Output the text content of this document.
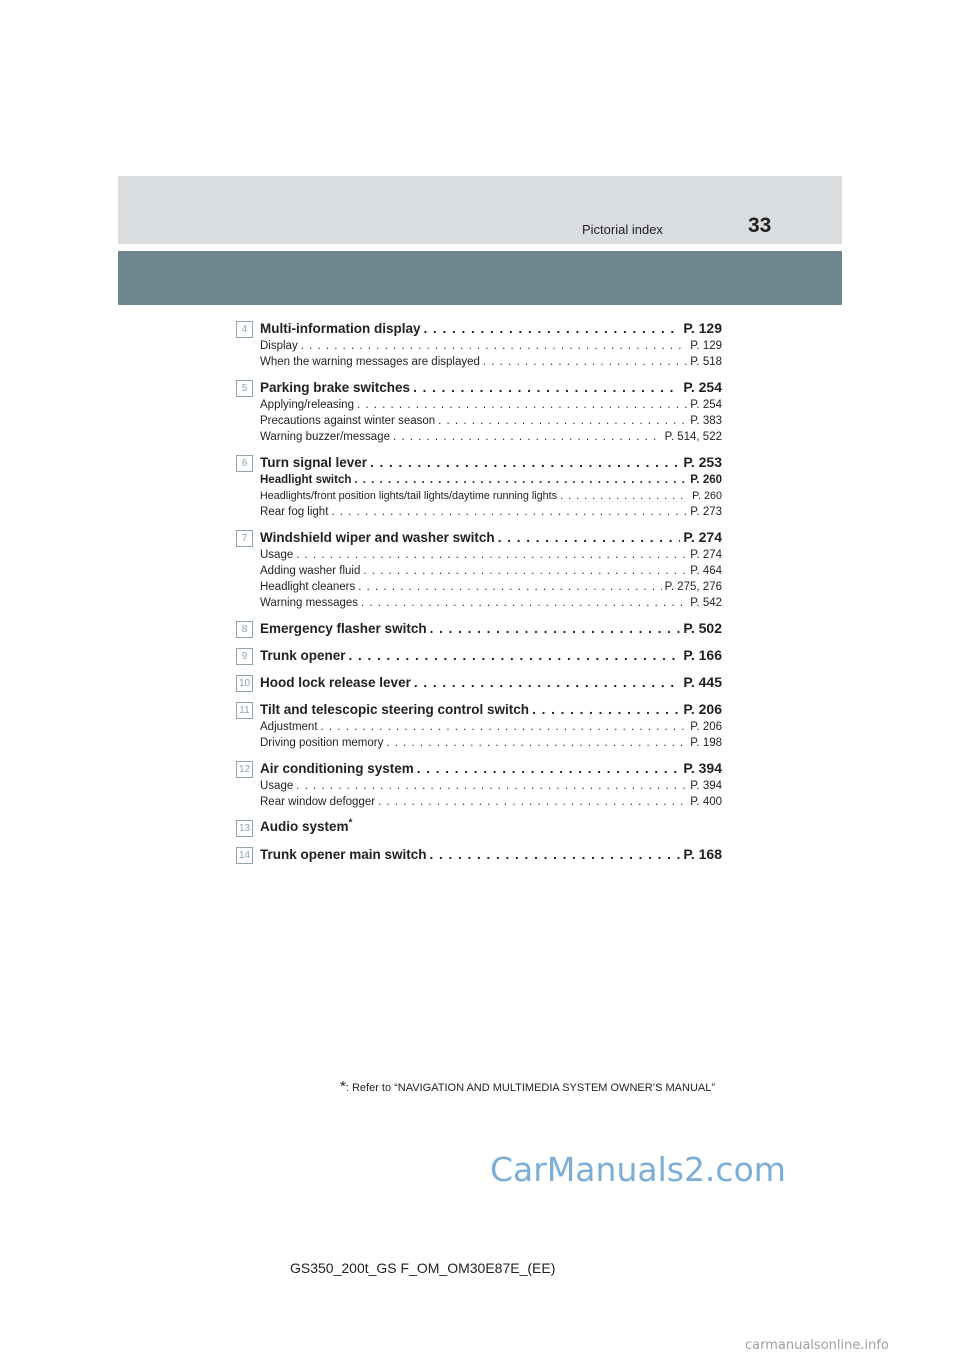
Pictorial index	33
4 Multi-information display . . .	P. 129
Display . . .	P. 129
When the warning messages are displayed . . .	P. 518
5 Parking brake switches . . .	P. 254
Applying/releasing . . .	P. 254
Precautions against winter season . . .	P. 383
Warning buzzer/message . . .	P. 514, 522
6 Turn signal lever . . .	P. 253
Headlight switch . . .	P. 260
Headlights/front position lights/tail lights/daytime running lights . . .	P. 260
Rear fog light . . .	P. 273
7 Windshield wiper and washer switch . . .	P. 274
Usage . . .	P. 274
Adding washer fluid . . .	P. 464
Headlight cleaners . . .	P. 275, 276
Warning messages . . .	P. 542
8 Emergency flasher switch . . .	P. 502
9 Trunk opener . . .	P. 166
10 Hood lock release lever . . .	P. 445
11 Tilt and telescopic steering control switch . . .	P. 206
Adjustment . . .	P. 206
Driving position memory . . .	P. 198
12 Air conditioning system . . .	P. 394
Usage . . .	P. 394
Rear window defogger . . .	P. 400
13 Audio system*
14 Trunk opener main switch . . .	P. 168
*: Refer to “NAVIGATION AND MULTIMEDIA SYSTEM OWNER’S MANUAL”
CarManuals2.com
GS350_200t_GS F_OM_OM30E87E_(EE)
carmanualsonline.info
